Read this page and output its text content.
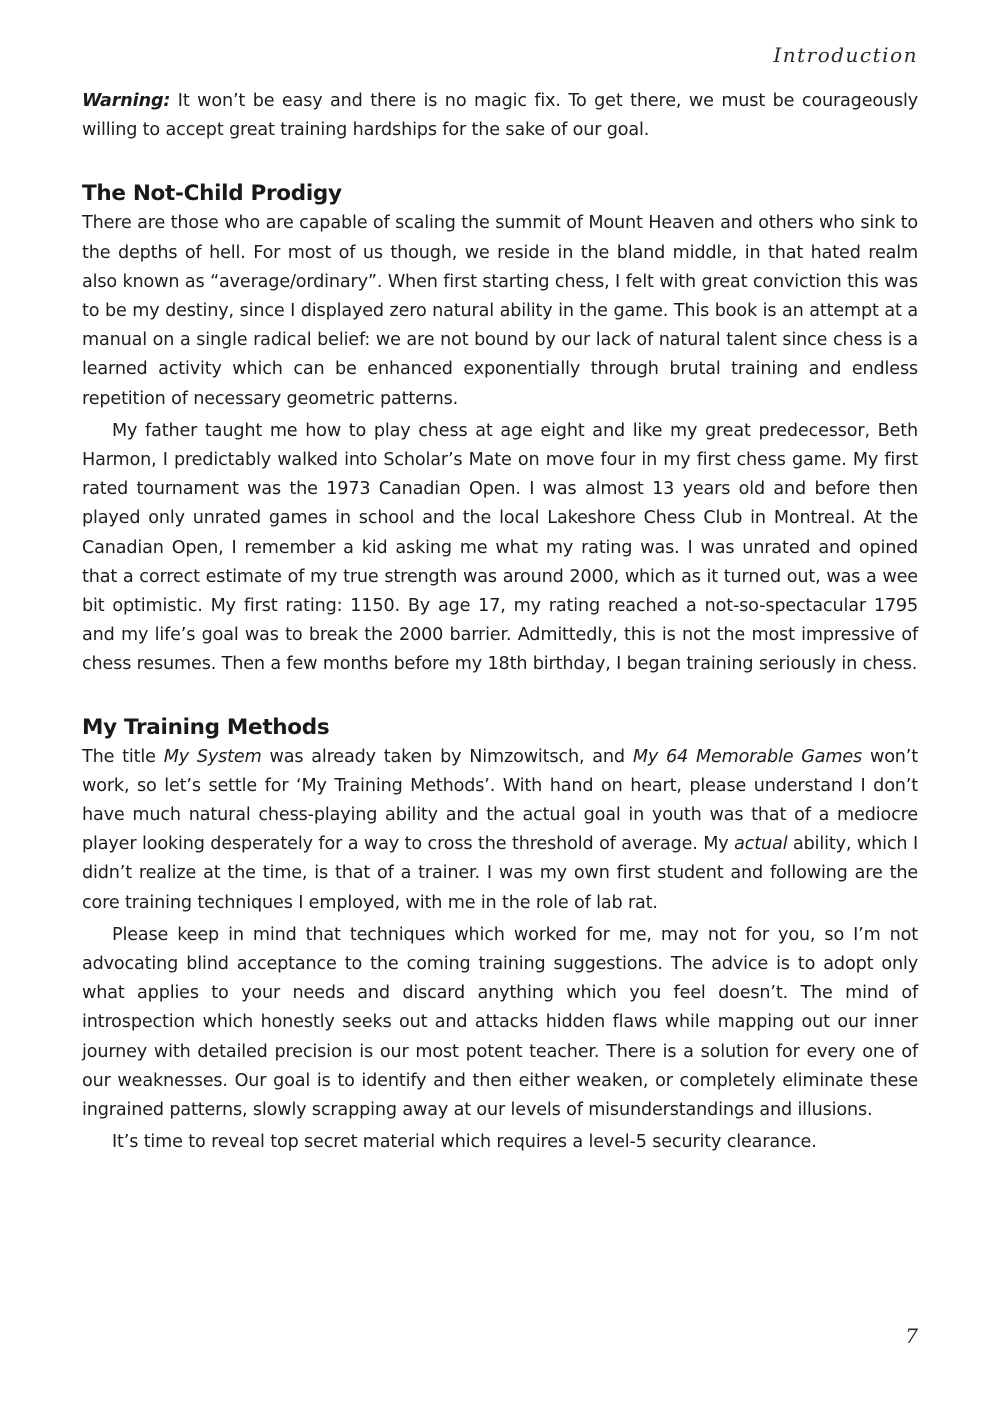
Introduction

Warning: It won’t be easy and there is no magic fix. To get there, we must be courageously willing to accept great training hardships for the sake of our goal.

The Not-Child Prodigy

There are those who are capable of scaling the summit of Mount Heaven and others who sink to the depths of hell. For most of us though, we reside in the bland middle, in that hated realm also known as “average/ordinary”. When first starting chess, I felt with great conviction this was to be my destiny, since I displayed zero natural ability in the game. This book is an attempt at a manual on a single radical belief: we are not bound by our lack of natural talent since chess is a learned activity which can be enhanced exponentially through brutal training and endless repetition of necessary geometric patterns.

My father taught me how to play chess at age eight and like my great predecessor, Beth Harmon, I predictably walked into Scholar’s Mate on move four in my first chess game. My first rated tournament was the 1973 Canadian Open. I was almost 13 years old and before then played only unrated games in school and the local Lakeshore Chess Club in Montreal. At the Canadian Open, I remember a kid asking me what my rating was. I was unrated and opined that a correct estimate of my true strength was around 2000, which as it turned out, was a wee bit optimistic. My first rating: 1150. By age 17, my rating reached a not-so-spectacular 1795 and my life’s goal was to break the 2000 barrier. Admittedly, this is not the most impressive of chess resumes. Then a few months before my 18th birthday, I began training seriously in chess.

My Training Methods

The title My System was already taken by Nimzowitsch, and My 64 Memorable Games won’t work, so let’s settle for ‘My Training Methods’. With hand on heart, please understand I don’t have much natural chess-playing ability and the actual goal in youth was that of a mediocre player looking desperately for a way to cross the threshold of average. My actual ability, which I didn’t realize at the time, is that of a trainer. I was my own first student and following are the core training techniques I employed, with me in the role of lab rat.

Please keep in mind that techniques which worked for me, may not for you, so I’m not advocating blind acceptance to the coming training suggestions. The advice is to adopt only what applies to your needs and discard anything which you feel doesn’t. The mind of introspection which honestly seeks out and attacks hidden flaws while mapping out our inner journey with detailed precision is our most potent teacher. There is a solution for every one of our weaknesses. Our goal is to identify and then either weaken, or completely eliminate these ingrained patterns, slowly scrapping away at our levels of misunderstandings and illusions.

It’s time to reveal top secret material which requires a level-5 security clearance.

7
